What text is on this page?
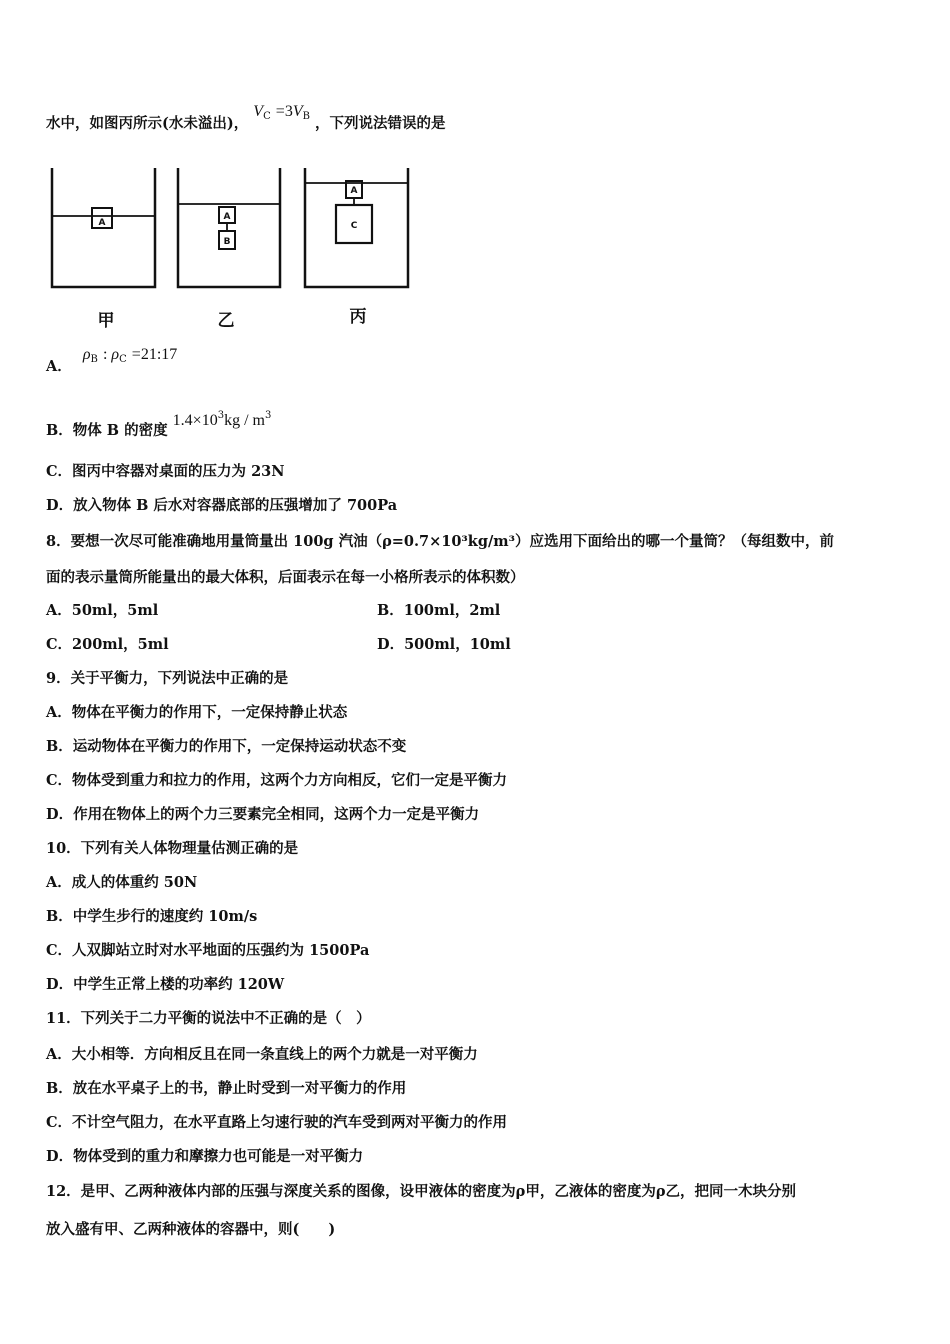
水中，如图丙所示(水未溢出)， $V_C =3V_B$ ，下列说法错误的是
A
A
B
A
C
甲	乙	丙
A． $\rho_B$ : $\rho_C$ =21:17
B．物体 B 的密度 $1.4\times 10^3kg / m^3$
C．图丙中容器对桌面的压力为 23N
D．放入物体 B 后水对容器底部的压强增加了 700Pa
8．要想一次尽可能准确地用量筒量出 100g 汽油（ρ=0.7×10³kg/m³）应选用下面给出的哪一个量筒？（每组数中，前
面的表示量筒所能量出的最大体积，后面表示在每一小格所表示的体积数）
A．50ml，5ml	B．100ml，2ml
C．200ml，5ml	D．500ml，10ml
9．关于平衡力，下列说法中正确的是
A．物体在平衡力的作用下，一定保持静止状态
B．运动物体在平衡力的作用下，一定保持运动状态不变
C．物体受到重力和拉力的作用，这两个力方向相反，它们一定是平衡力
D．作用在物体上的两个力三要素完全相同，这两个力一定是平衡力
10．下列有关人体物理量估测正确的是
A．成人的体重约 50N
B．中学生步行的速度约 10m/s
C．人双脚站立时对水平地面的压强约为 1500Pa
D．中学生正常上楼的功率约 120W
11．下列关于二力平衡的说法中不正确的是（　）
A．大小相等．方向相反且在同一条直线上的两个力就是一对平衡力
B．放在水平桌子上的书，静止时受到一对平衡力的作用
C．不计空气阻力，在水平直路上匀速行驶的汽车受到两对平衡力的作用
D．物体受到的重力和摩擦力也可能是一对平衡力
12．是甲、乙两种液体内部的压强与深度关系的图像，设甲液体的密度为ρ甲，乙液体的密度为ρ乙，把同一木块分别
放入盛有甲、乙两种液体的容器中，则(　　)
